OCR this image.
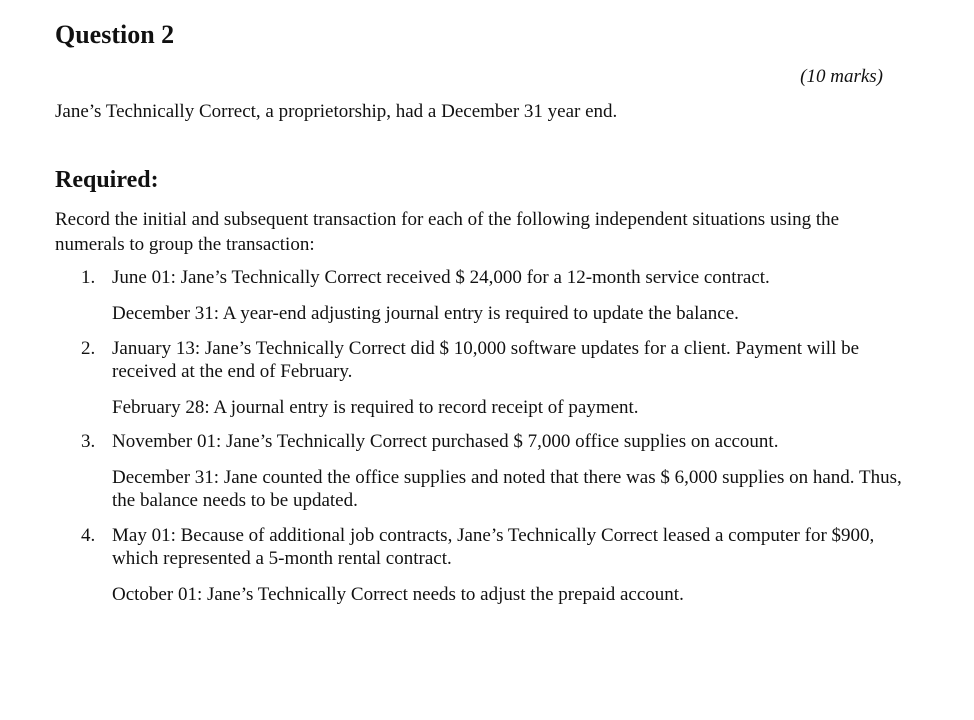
Question 2
(10 marks)
Jane’s Technically Correct, a proprietorship, had a December 31 year end.
Required:
Record the initial and subsequent transaction for each of the following independent situations using the numerals to group the transaction:
1. June 01: Jane’s Technically Correct received $ 24,000 for a 12-month service contract.
December 31: A year-end adjusting journal entry is required to update the balance.
2. January 13: Jane’s Technically Correct did $ 10,000 software updates for a client. Payment will be received at the end of February.
February 28: A journal entry is required to record receipt of payment.
3. November 01: Jane’s Technically Correct purchased $ 7,000 office supplies on account.
December 31: Jane counted the office supplies and noted that there was $ 6,000 supplies on hand. Thus, the balance needs to be updated.
4. May 01: Because of additional job contracts, Jane’s Technically Correct leased a computer for $900, which represented a 5-month rental contract.
October 01: Jane’s Technically Correct needs to adjust the prepaid account.
